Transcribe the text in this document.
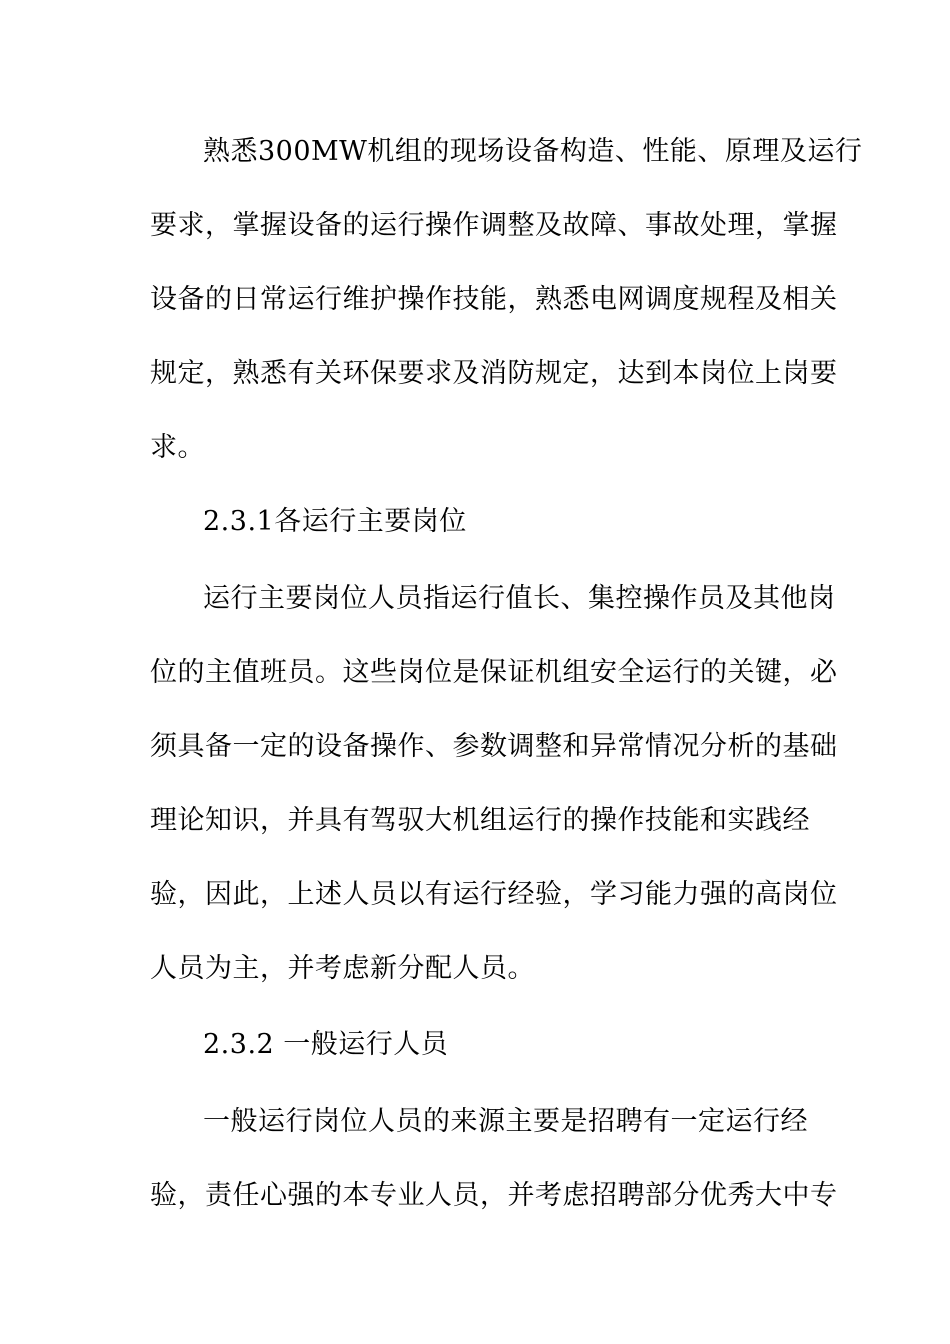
熟悉300MW机组的现场设备构造、性能、原理及运行
要求，掌握设备的运行操作调整及故障、事故处理，掌握
设备的日常运行维护操作技能，熟悉电网调度规程及相关
规定，熟悉有关环保要求及消防规定，达到本岗位上岗要
求。
2.3.1各运行主要岗位
运行主要岗位人员指运行值长、集控操作员及其他岗
位的主值班员。这些岗位是保证机组安全运行的关键，必
须具备一定的设备操作、参数调整和异常情况分析的基础
理论知识，并具有驾驭大机组运行的操作技能和实践经
验，因此，上述人员以有运行经验，学习能力强的高岗位
人员为主，并考虑新分配人员。
2.3.2 一般运行人员
一般运行岗位人员的来源主要是招聘有一定运行经
验，责任心强的本专业人员，并考虑招聘部分优秀大中专
